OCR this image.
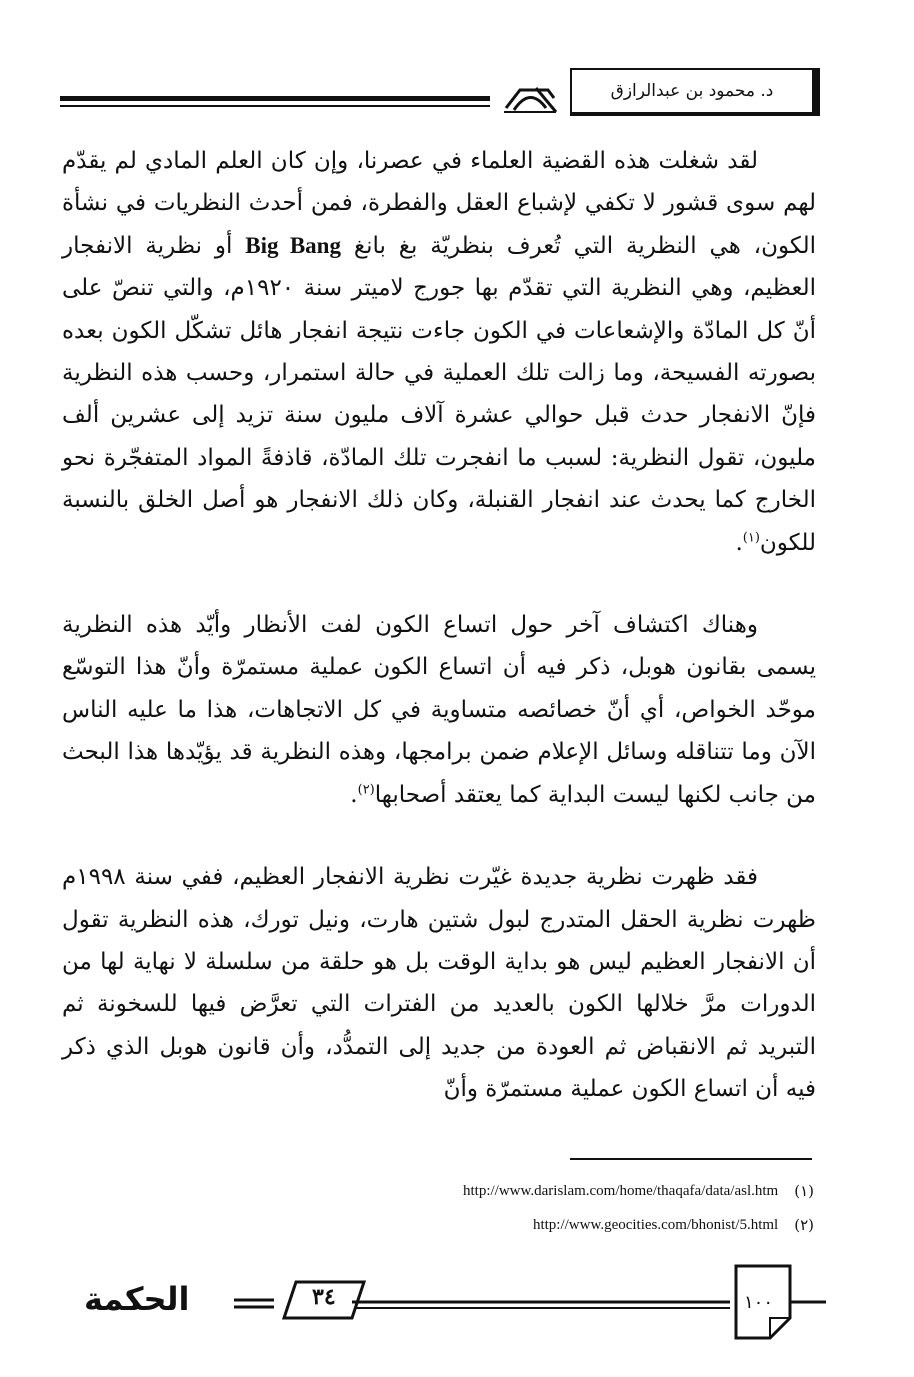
د. محمود بن عبدالرازق

لقد شغلت هذه القضية العلماء في عصرنا، وإن كان العلم المادي لم يقدّم لهم سوى قشور لا تكفي لإشباع العقل والفطرة، فمن أحدث النظريات في نشأة الكون، هي النظرية التي تُعرف بنظريّة بغ بانغ Big Bang أو نظرية الانفجار العظيم، وهي النظرية التي تقدّم بها جورج لاميتر سنة ١٩٢٠م، والتي تنصّ على أنّ كل المادّة والإشعاعات في الكون جاءت نتيجة انفجار هائل تشكّل الكون بعده بصورته الفسيحة، وما زالت تلك العملية في حالة استمرار، وحسب هذه النظرية فإنّ الانفجار حدث قبل حوالي عشرة آلاف مليون سنة تزيد إلى عشرين ألف مليون، تقول النظرية: لسبب ما انفجرت تلك المادّة، قاذفةً المواد المتفجّرة نحو الخارج كما يحدث عند انفجار القنبلة، وكان ذلك الانفجار هو أصل الخلق بالنسبة للكون$^{(١)}$.

وهناك اكتشاف آخر حول اتساع الكون لفت الأنظار وأيّد هذه النظرية يسمى بقانون هوبل، ذكر فيه أن اتساع الكون عملية مستمرّة وأنّ هذا التوسّع موحّد الخواص، أي أنّ خصائصه متساوية في كل الاتجاهات، هذا ما عليه الناس الآن وما تتناقله وسائل الإعلام ضمن برامجها، وهذه النظرية قد يؤيّدها هذا البحث من جانب لكنها ليست البداية كما يعتقد أصحابها$^{(٢)}$.

فقد ظهرت نظرية جديدة غيّرت نظرية الانفجار العظيم، ففي سنة ١٩٩٨م ظهرت نظرية الحقل المتدرج لبول شتين هارت، ونيل تورك، هذه النظرية تقول أن الانفجار العظيم ليس هو بداية الوقت بل هو حلقة من سلسلة لا نهاية لها من الدورات مرَّ خلالها الكون بالعديد من الفترات التي تعرَّض فيها للسخونة ثم التبريد ثم الانقباض ثم العودة من جديد إلى التمدُّد، وأن قانون هوبل الذي ذكر فيه أن اتساع الكون عملية مستمرّة وأنّ

(١)
http://www.darislam.com/home/thaqafa/data/asl.htm
(٢)
http://www.geocities.com/bhonist/5.html
الحكمة	٣٤	١٠٠
